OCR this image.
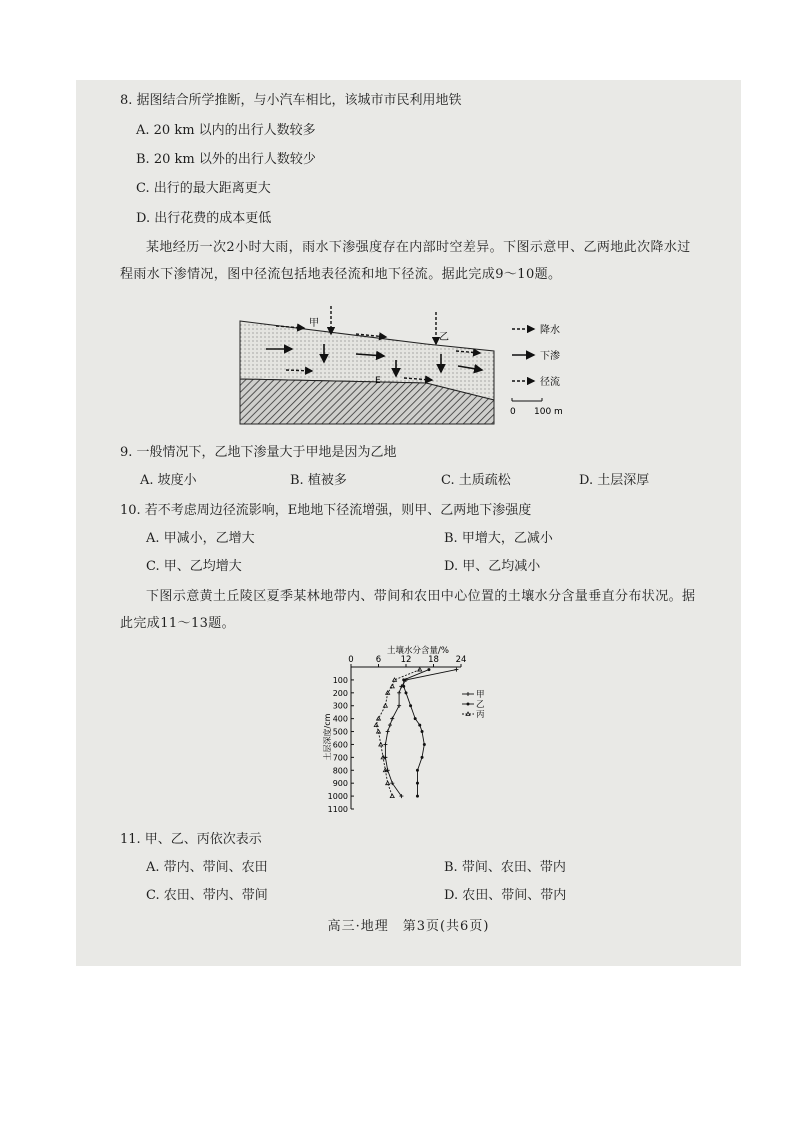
8. 据图结合所学推断，与小汽车相比，该城市市民利用地铁
A. 20 km 以内的出行人数较多
B. 20 km 以外的出行人数较少
C. 出行的最大距离更大
D. 出行花费的成本更低
某地经历一次2小时大雨，雨水下渗强度存在内部时空差异。下图示意甲、乙两地此次降水过程雨水下渗情况，图中径流包括地表径流和地下径流。据此完成9～10题。
甲
乙
E
降水
下渗
径流
0 100 m
9. 一般情况下，乙地下渗量大于甲地是因为乙地
A. 坡度小	B. 植被多	C. 土质疏松	D. 土层深厚
10. 若不考虑周边径流影响，E地地下径流增强，则甲、乙两地下渗强度
A. 甲减小，乙增大	B. 甲增大，乙减小
C. 甲、乙均增大	D. 甲、乙均减小
下图示意黄土丘陵区夏季某林地带内、带间和农田中心位置的土壤水分含量垂直分布状况。据此完成11～13题。
土壤水分含量/%
土层深度/cm
0	6 12 18 24
100
200
300
400
500
600
700
800
900
1000
1100
甲
乙
丙
11. 甲、乙、丙依次表示
A. 带内、带间、农田	B. 带间、农田、带内
C. 农田、带内、带间	D. 农田、带间、带内
高三·地理　第3页(共6页)
